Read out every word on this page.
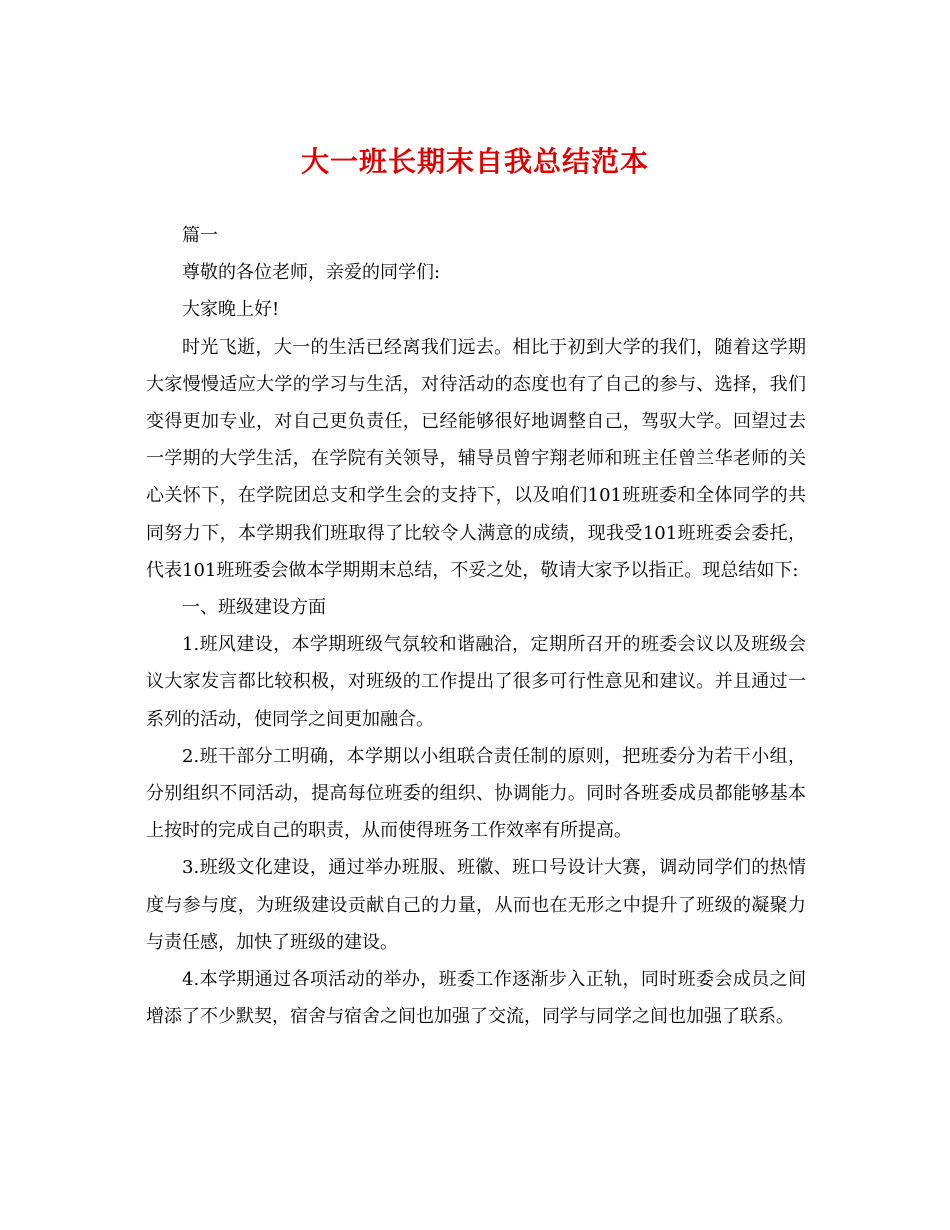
大一班长期末自我总结范本

篇一

尊敬的各位老师，亲爱的同学们:

大家晚上好!

时光飞逝，大一的生活已经离我们远去。相比于初到大学的我们，随着这学期大家慢慢适应大学的学习与生活，对待活动的态度也有了自己的参与、选择，我们变得更加专业，对自己更负责任，已经能够很好地调整自己，驾驭大学。回望过去一学期的大学生活，在学院有关领导，辅导员曾宇翔老师和班主任曾兰华老师的关心关怀下，在学院团总支和学生会的支持下，以及咱们101班班委和全体同学的共同努力下，本学期我们班取得了比较令人满意的成绩，现我受101班班委会委托，代表101班班委会做本学期期末总结，不妥之处，敬请大家予以指正。现总结如下:

一、班级建设方面

1.班风建设，本学期班级气氛较和谐融洽，定期所召开的班委会议以及班级会议大家发言都比较积极，对班级的工作提出了很多可行性意见和建议。并且通过一系列的活动，使同学之间更加融合。

2.班干部分工明确，本学期以小组联合责任制的原则，把班委分为若干小组，分别组织不同活动，提高每位班委的组织、协调能力。同时各班委成员都能够基本上按时的完成自己的职责，从而使得班务工作效率有所提高。

3.班级文化建设，通过举办班服、班徽、班口号设计大赛，调动同学们的热情度与参与度，为班级建设贡献自己的力量，从而也在无形之中提升了班级的凝聚力与责任感，加快了班级的建设。

4.本学期通过各项活动的举办，班委工作逐渐步入正轨，同时班委会成员之间增添了不少默契，宿舍与宿舍之间也加强了交流，同学与同学之间也加强了联系。
